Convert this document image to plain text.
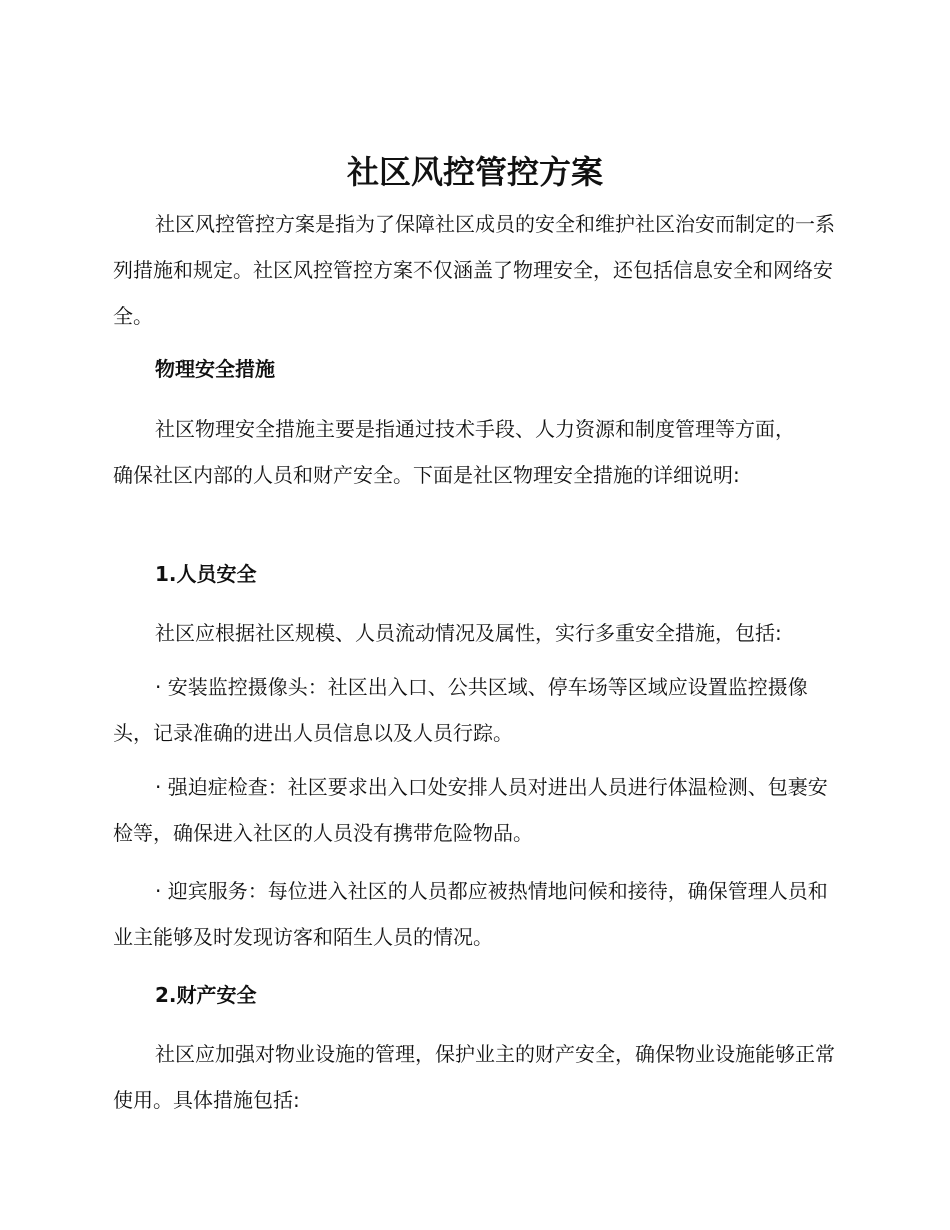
社区风控管控方案

社区风控管控方案是指为了保障社区成员的安全和维护社区治安而制定的一系列措施和规定。社区风控管控方案不仅涵盖了物理安全，还包括信息安全和网络安全。

物理安全措施

社区物理安全措施主要是指通过技术手段、人力资源和制度管理等方面，确保社区内部的人员和财产安全。下面是社区物理安全措施的详细说明:

1.人员安全

社区应根据社区规模、人员流动情况及属性，实行多重安全措施，包括:

· 安装监控摄像头：社区出入口、公共区域、停车场等区域应设置监控摄像头，记录准确的进出人员信息以及人员行踪。

· 强迫症检查：社区要求出入口处安排人员对进出人员进行体温检测、包裹安检等，确保进入社区的人员没有携带危险物品。

· 迎宾服务：每位进入社区的人员都应被热情地问候和接待，确保管理人员和业主能够及时发现访客和陌生人员的情况。

2.财产安全

社区应加强对物业设施的管理，保护业主的财产安全，确保物业设施能够正常使用。具体措施包括:
